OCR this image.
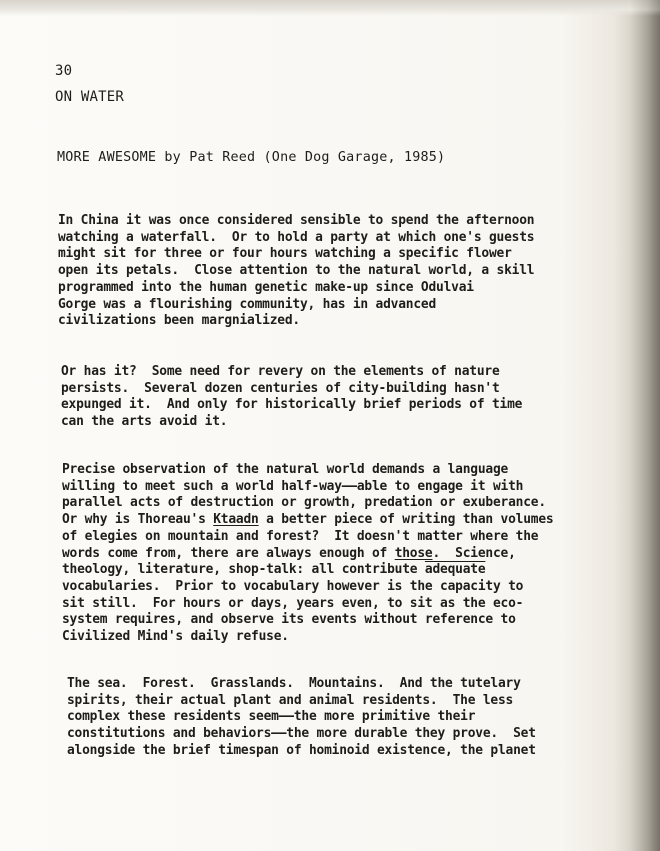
30
ON WATER
MORE AWESOME by Pat Reed (One Dog Garage, 1985)
In China it was once considered sensible to spend the afternoon
watching a waterfall.  Or to hold a party at which one's guests
might sit for three or four hours watching a specific flower
open its petals.  Close attention to the natural world, a skill
programmed into the human genetic make-up since Odulvai
Gorge was a flourishing community, has in advanced
civilizations been margnialized.
Or has it?  Some need for revery on the elements of nature
persists.  Several dozen centuries of city-building hasn't
expunged it.  And only for historically brief periods of time
can the arts avoid it.
Precise observation of the natural world demands a language
willing to meet such a world half-way——able to engage it with
parallel acts of destruction or growth, predation or exuberance.
Or why is Thoreau's Ktaadn a better piece of writing than volumes
of elegies on mountain and forest?  It doesn't matter where the
words come from, there are always enough of those.  Science,
theology, literature, shop-talk: all contribute adequate
vocabularies.  Prior to vocabulary however is the capacity to
sit still.  For hours or days, years even, to sit as the eco-
system requires, and observe its events without reference to
Civilized Mind's daily refuse.
The sea.  Forest.  Grasslands.  Mountains.  And the tutelary
spirits, their actual plant and animal residents.  The less
complex these residents seem——the more primitive their
constitutions and behaviors——the more durable they prove.  Set
alongside the brief timespan of hominoid existence, the planet
